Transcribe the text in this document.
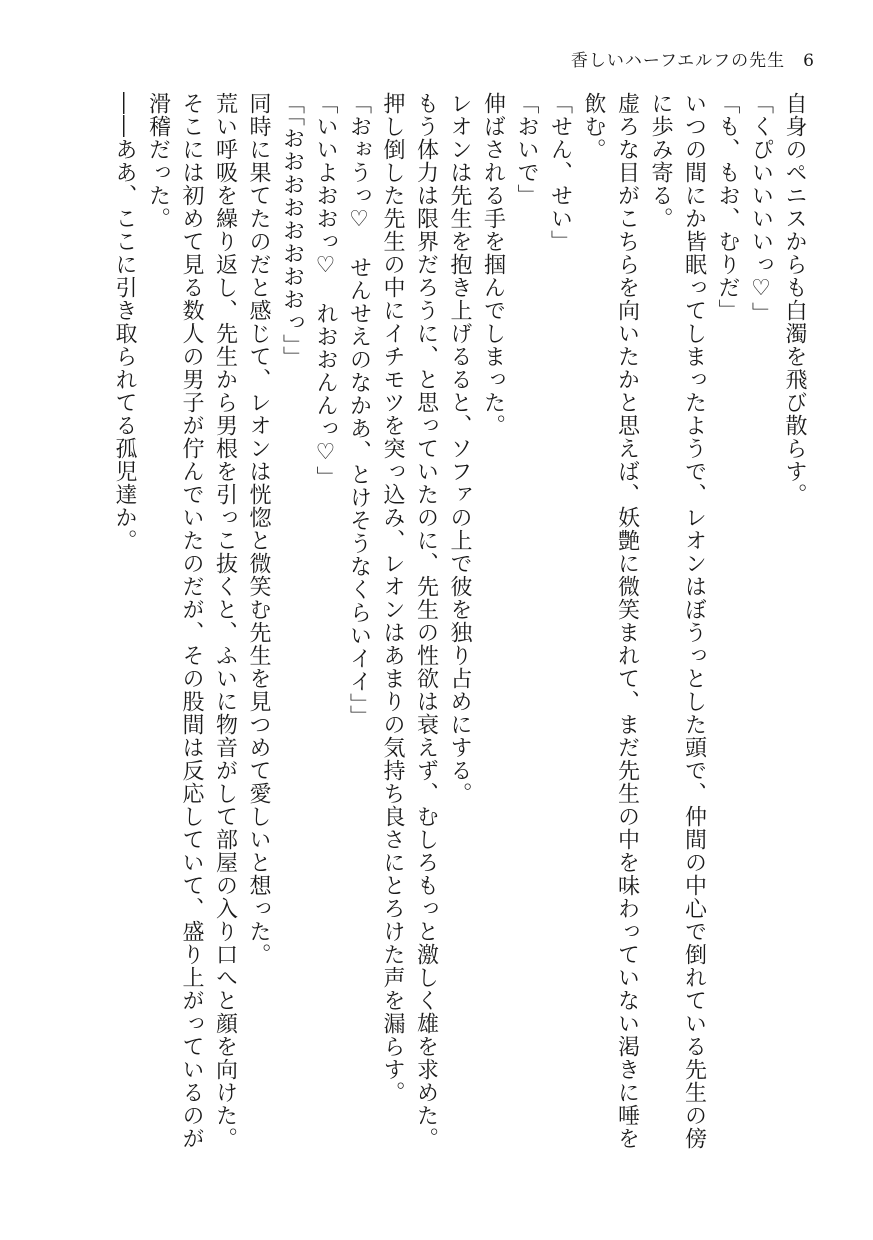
香しいハーフエルフの先生 6

自身のペニスからも白濁を飛び散らす。

「くぴいいいいっ♡」

「も、もお、むりだ」

いつの間にか皆眠ってしまったようで、レオンはぼうっとした頭で、仲間の中心で倒れている先生の傍に歩み寄る。

虚ろな目がこちらを向いたかと思えば、妖艶に微笑まれて、まだ先生の中を味わっていない渇きに唾を飲む。

「せん、せい」

「おいで」

伸ばされる手を掴んでしまった。

レオンは先生を抱き上げるると、ソファの上で彼を独り占めにする。

もう体力は限界だろうに、と思っていたのに、先生の性欲は衰えず、むしろもっと激しく雄を求めた。

押し倒した先生の中にイチモツを突っ込み、レオンはあまりの気持ち良さにとろけた声を漏らす。

「おぉうっ♡　せんせえのなかあ、とけそうなくらいイイ」」

「いいよおおっ♡　れおおんんっ♡」

「「おおおおおおおおっ」」

同時に果てたのだと感じて、レオンは恍惚と微笑む先生を見つめて愛しいと想った。

荒い呼吸を繰り返し、先生から男根を引っこ抜くと、ふいに物音がして部屋の入り口へと顔を向けた。

そこには初めて見る数人の男子が佇んでいたのだが、その股間は反応していて、盛り上がっているのが滑稽だった。

――ああ、ここに引き取られてる孤児達か。
